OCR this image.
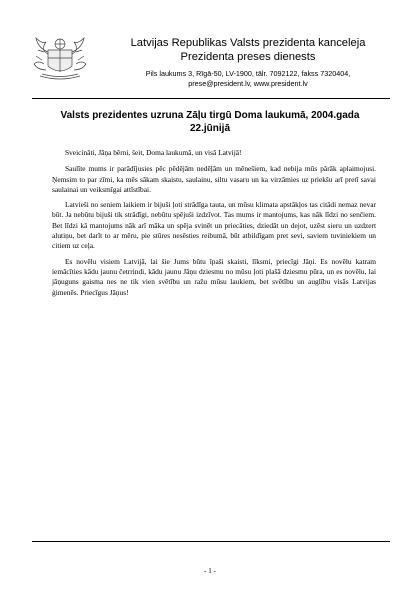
Latvijas Republikas Valsts prezidenta kanceleja
Prezidenta preses dienests
Pils laukums 3, Rīgā-50, LV-1900, tālr. 7092122, fakss 7320404,
prese@president.lv, www.president.lv
Valsts prezidentes uzruna Zāļu tirgū Doma laukumā, 2004.gada
22.jūnijā

Sveicināti, Jāņa bērni, šeit, Doma laukumā, un visā Latvijā!

Saulīte mums ir parādījusies pēc pēdējām nedēļām un mēnešiem, kad nebija mūs pārāk aplaimojusi. Ņemsim to par zīmi, ka mēs sākam skaistu, saulainu, siltu vasaru un ka virzāmies uz priekšu arī pretī savai saulainai un veiksmīgai attīstībai.

Latvieši no seniem laikiem ir bijuši ļoti strādīga tauta, un mūsu klimata apstākļos tas citādi nemaz nevar būt. Ja nebūtu bijuši tik strādīgi, nebūtu spējuši izdzīvot. Tas mums ir mantojums, kas nāk līdzi no senčiem. Bet līdzi kā mantojums nāk arī māka un spēja svinēt un priecāties, dziedāt un dejot, uzēst sieru un uzdzert alutiņu, bet darīt to ar mēru, pie stūres nesēsties reibumā, būt atbildīgam pret sevi, saviem tuviniekiem un citiem uz ceļa.

Es novēlu visiem Latvijā, lai šie Jums būtu īpaši skaisti, līksmi, priecīgi Jāņi. Es novēlu katram iemācīties kādu jaunu četrrindi, kādu jaunu Jāņu dziesmu no mūsu ļoti plašā dziesmu pūra, un es novēlu, lai jāņuguns gaisma nes ne tik vien svētību un ražu mūsu laukiem, bet svētību un auglību visās Latvijas ģimenēs. Priecīgus Jāņus!

- 1 -
